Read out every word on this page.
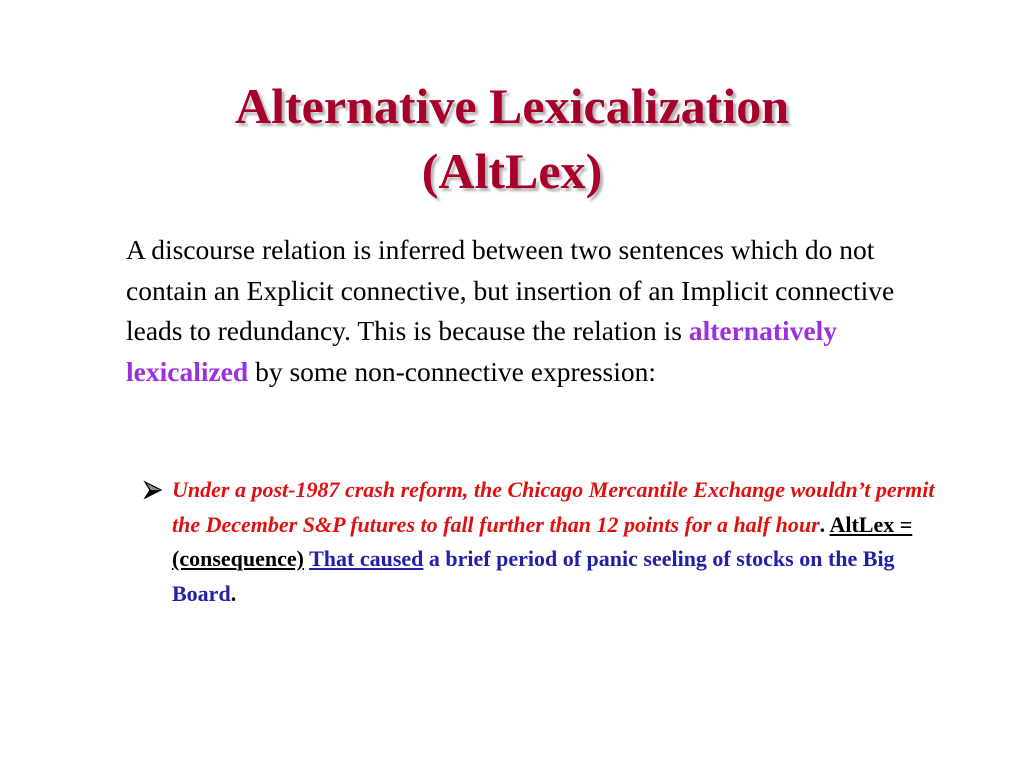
Alternative Lexicalization
(AltLex)
A discourse relation is inferred between two sentences which do not contain an Explicit connective, but insertion of an Implicit connective leads to redundancy. This is because the relation is alternatively lexicalized by some non-connective expression:
Under a post-1987 crash reform, the Chicago Mercantile Exchange wouldn’t permit the December S&P futures to fall further than 12 points for a half hour. AltLex = (consequence) That caused a brief period of panic seeling of stocks on the Big Board.
